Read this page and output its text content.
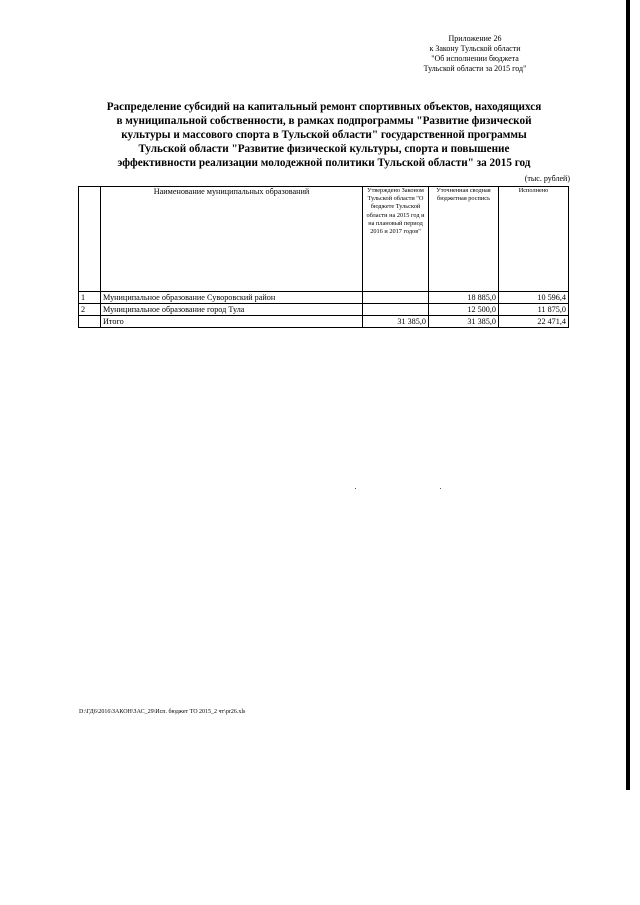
Приложение 26
к Закону Тульской области
"Об исполнении бюджета
Тульской области за 2015 год"
Распределение субсидий на капитальный ремонт спортивных объектов, находящихся
в муниципальной собственности, в рамках подпрограммы "Развитие физической
культуры и массового спорта в Тульской области" государственной программы
Тульской области "Развитие физической культуры, спорта и повышение
эффективности реализации молодежной политики Тульской области" за 2015 год
(тыс. рублей)
	Наименование муниципальных образований	Утверждено Законом Тульской области "О бюджете Тульской области на 2015 год и на плановый период 2016 и 2017 годов"	Уточненная сводная бюджетная роспись	Исполнено
1	Муниципальное образование Суворовский район		18 885,0	10 596,4
2	Муниципальное образование город Тула		12 500,0	11 875,0
	Итого	31 385,0	31 385,0	22 471,4
D:\ГД6\2016\ЗАКОН\ЗАС_29\Исп. бюджет ТО 2015_2 чт\pr26.xls
